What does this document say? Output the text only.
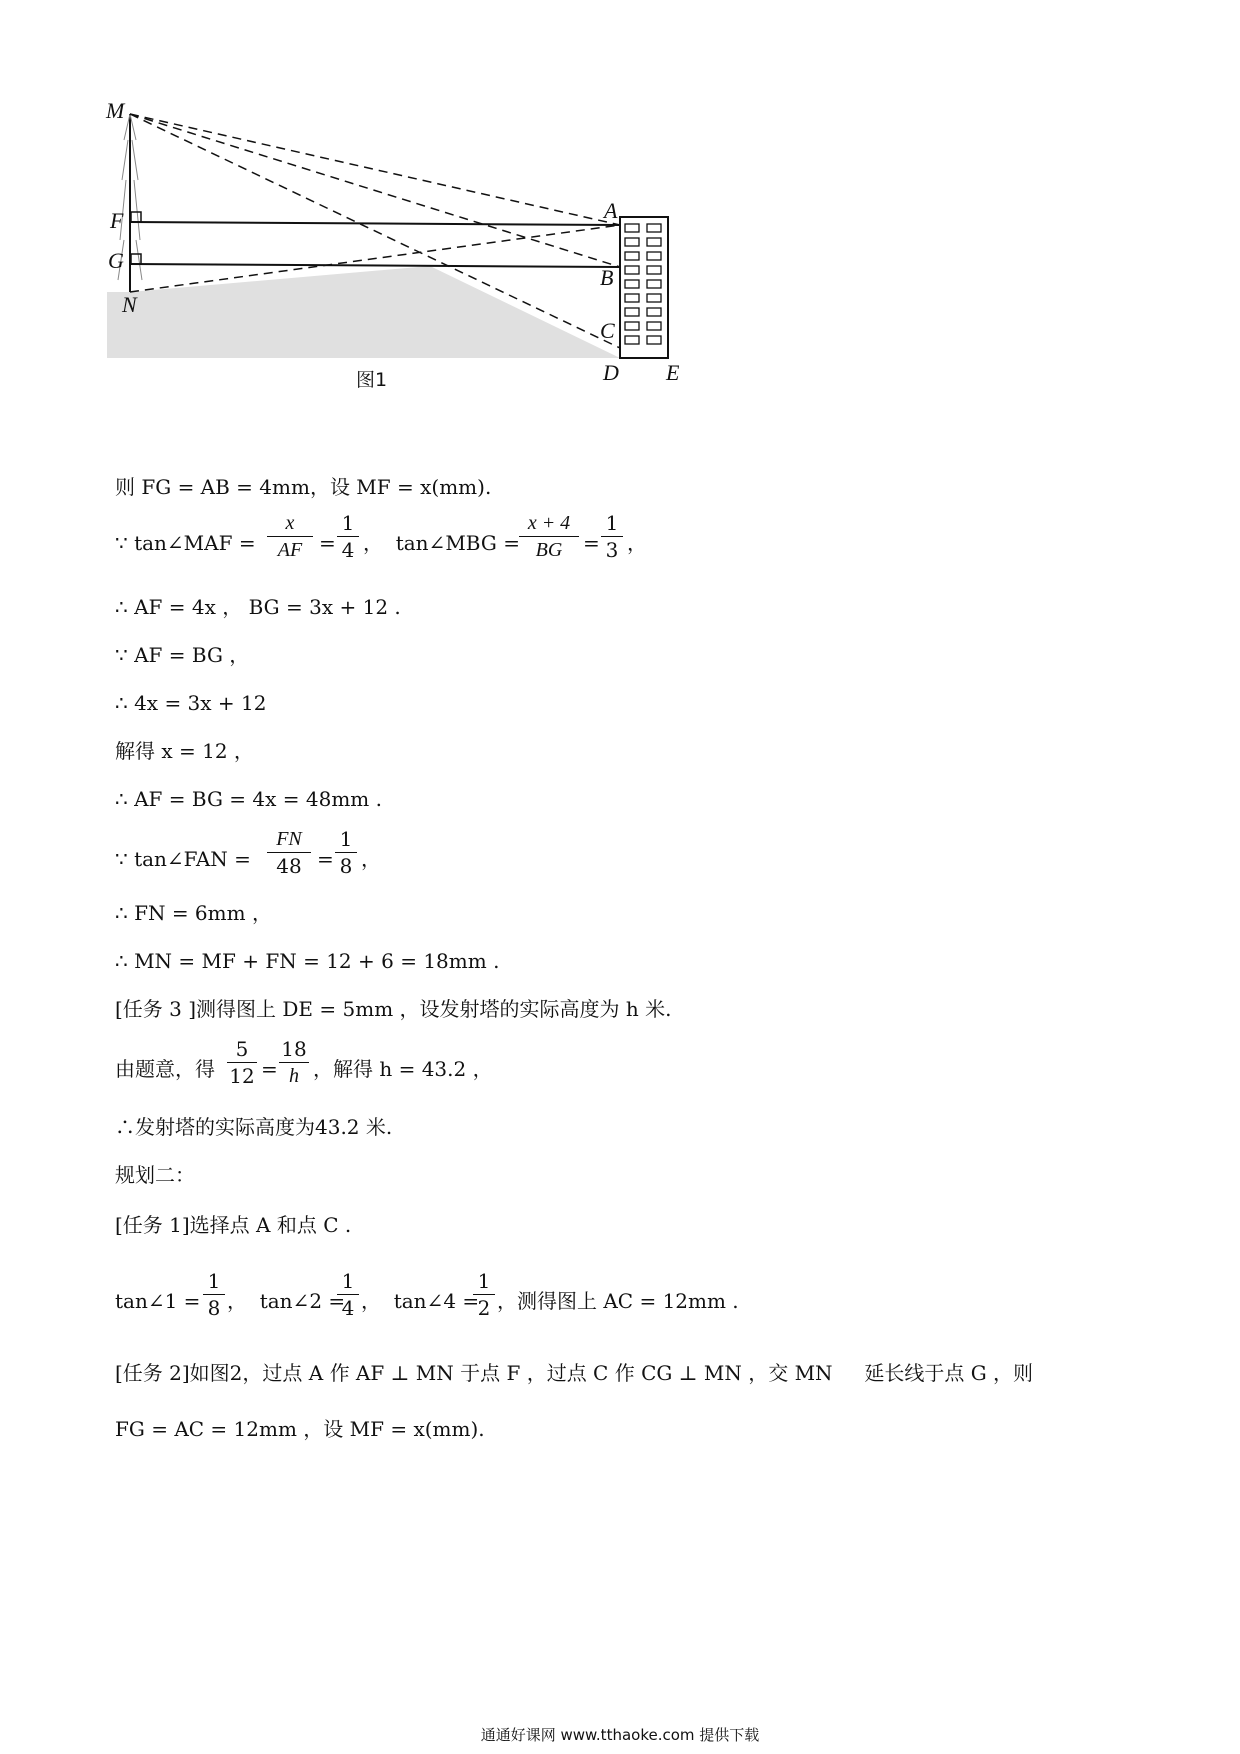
M
F
G
N
A
B
C
D E
图1
则 FG = AB = 4mm，设 MF = x(mm).
∵ tan∠MAF = $\frac{x}{AF} = \frac{1}{4}$ ，  tan∠MBG = $\frac{x + 4}{BG} = \frac{1}{3}$ ，
∴ AF = 4x ， BG = 3x + 12 .
∵ AF = BG ，
∴ 4x = 3x + 12
解得 x = 12 ，
∴ AF = BG = 4x = 48mm .
∵ tan∠FAN = $\frac{FN}{48} = \frac{1}{8}$ ，
∴ FN = 6mm ，
∴ MN = MF + FN = 12 + 6 = 18mm .
[任务 3 ]测得图上 DE = 5mm ，设发射塔的实际高度为 h 米.
由题意，得 $\frac{5}{12} = \frac{18}{h}$ ，解得 h = 43.2 ，
∴发射塔的实际高度为43.2 米.
规划二：
[任务 1]选择点 A 和点 C .
tan∠1 = $\frac{1}{8}$ ，  tan∠2 =
$\frac{1}{4}$ ，  tan∠4 =
$\frac{1}{2}$ ，测得图上 AC = 12mm .
[任务 2]如图2，过点 A 作 AF ⊥ MN 于点 F ，过点 C 作 CG ⊥ MN ，交 MN     延长线于点 G ，则
FG = AC = 12mm ，设 MF = x(mm).
通通好课网 www.tthaoke.com 提供下载
